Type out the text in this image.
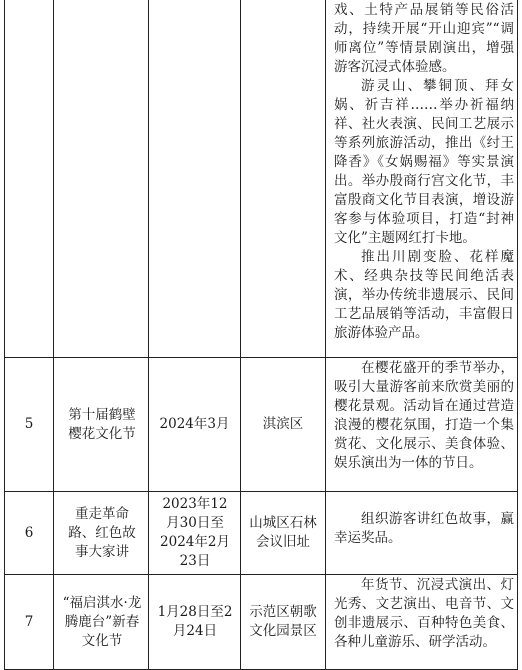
戏、土特产品展销等民俗活动，持续开展“开山迎宾”“调师离位”等情景剧演出，增强游客沉浸式体验感。

游灵山、攀铜顶、拜女娲、祈吉祥……举办祈福纳祥、社火表演、民间工艺展示等系列旅游活动，推出《纣王降香》《女娲赐福》等实景演出。举办殷商行宫文化节，丰富殷商文化节目表演，增设游客参与体验项目，打造“封神文化”主题网红打卡地。

推出川剧变脸、花样魔术、经典杂技等民间绝活表演，举办传统非遗展示、民间工艺品展销等活动，丰富假日旅游体验产品。

5
第十届鹤壁樱花文化节
2024年3月	淇滨区

在樱花盛开的季节举办，吸引大量游客前来欣赏美丽的樱花景观。活动旨在通过营造浪漫的樱花氛围，打造一个集赏花、文化展示、美食体验、娱乐演出为一体的节日。

6
重走革命路、红色故事大家讲
2023年12月30日至2024年2月23日
山城区石林会议旧址

组织游客讲红色故事，赢幸运奖品。

7
“福启淇水·龙腾鹿台”新春文化节
1月28日至2月24日
示范区朝歌文化园景区

年货节、沉浸式演出、灯光秀、文艺演出、电音节、文创非遗展示、百种特色美食、各种儿童游乐、研学活动。
